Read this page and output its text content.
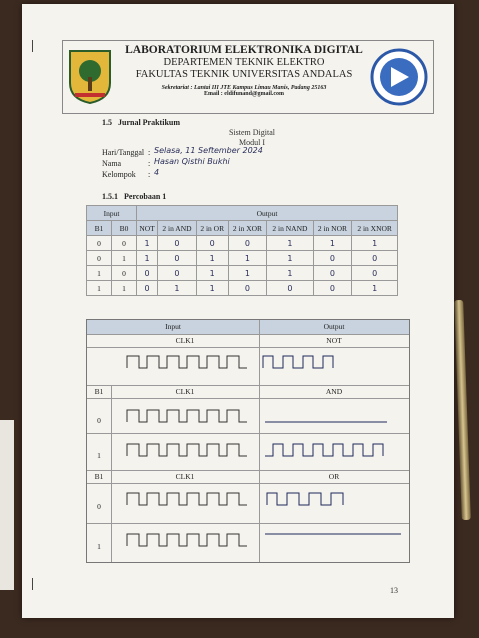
LABORATORIUM ELEKTRONIKA DIGITAL
DEPARTEMEN TEKNIK ELEKTRO
FAKULTAS TEKNIK UNIVERSITAS ANDALAS
Sekretariat : Lantai III JTE Kampus Limau Manis, Padang 25163
Email : eldifunand@gmail.com
1.5 Jurnal Praktikum
Sistem Digital
Modul I
Hari/Tanggal : Selasa, 11 Seftember 2024
Nama	: Hasan Qisthi Bukhi
Kelompok : 4
1.5.1 Percobaan 1
13
Input		Output						
B1	B0	NOT	2 in AND	2 in OR	2 in XOR	2 in NAND	2 in NOR	2 in XNOR
0	0	1	0	0	0	1	1	1
0	1	1	0	1	1	1	0	0
1	0	0	0	1	1	1	0	0
1	1	0	1	1	0	0	0	1
Input	Output
CLK1	NOT
B1	CLK1	AND
0
1
B1	CLK1	OR
0
1
